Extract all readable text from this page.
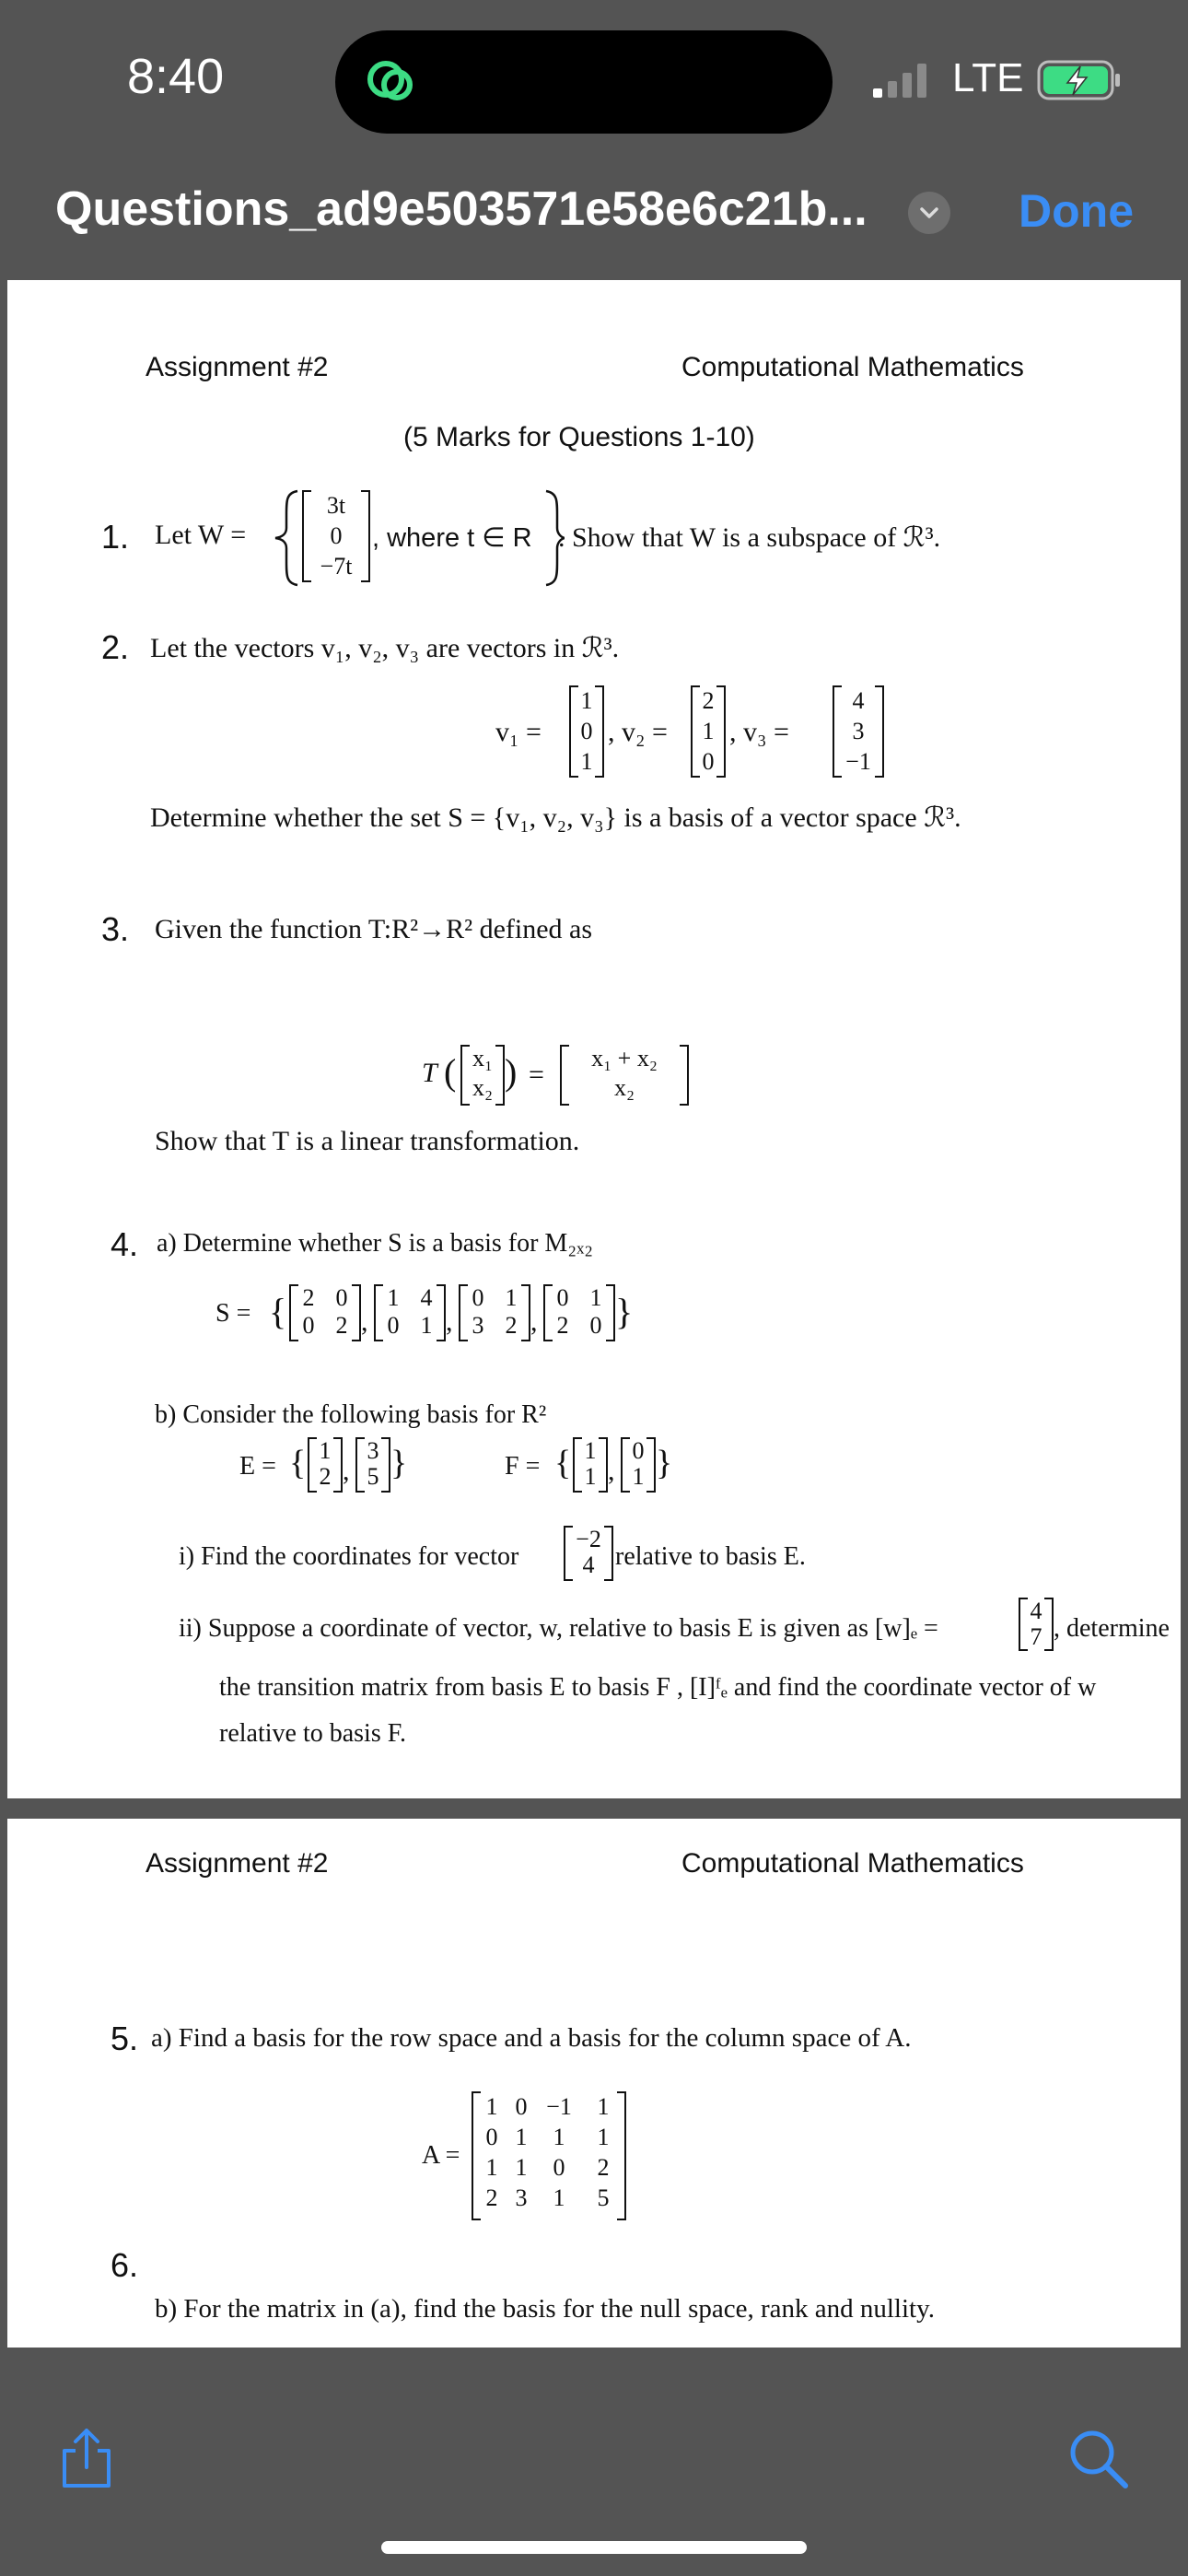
8:40	LTE
Questions_ad9e503571e58e6c21b...	Done
Assignment #2	Computational Mathematics
(5 Marks for Questions 1-10)
1. Let W =
3t
0
−7t
, where t ∈ R . Show that W is a subspace of ℛ³.
2. Let the vectors v₁, v₂, v₃ are vectors in ℛ³.
v₁ =
1
0
1
, v₂ =
2
1
0
, v₃ =
4
3
−1
Determine whether the set S = {v₁, v₂, v₃} is a basis of a vector space ℛ³.
3. Given the function T:R²→R² defined as
T ( x₁
x₂ ) =
x₁ + x₂
x₂
Show that T is a linear transformation.
4. a) Determine whether S is a basis for M₂ₓ₂
S = { 2 0
0 2 ,
1 4
0 1 ,
0 1
3 2 ,
0 1
2 0 }
b) Consider the following basis for R²
E = { 1
2 ,
3
5 }	F = { 1
1 ,
0
1 }
i) Find the coordinates for vector
−2
4 relative to basis E.
ii) Suppose a coordinate of vector, w, relative to basis E is given as [w]ₑ =
4
7 , determine
the transition matrix from basis E to basis F , [I]ᶠₑ and find the coordinate vector of w
relative to basis F.
Assignment #2	Computational Mathematics
5. a) Find a basis for the row space and a basis for the column space of A.
A =
1 0 −1	1
0 1	1	1
1 1	0	2
2 3	1	5
6.
b) For the matrix in (a), find the basis for the null space, rank and nullity.
